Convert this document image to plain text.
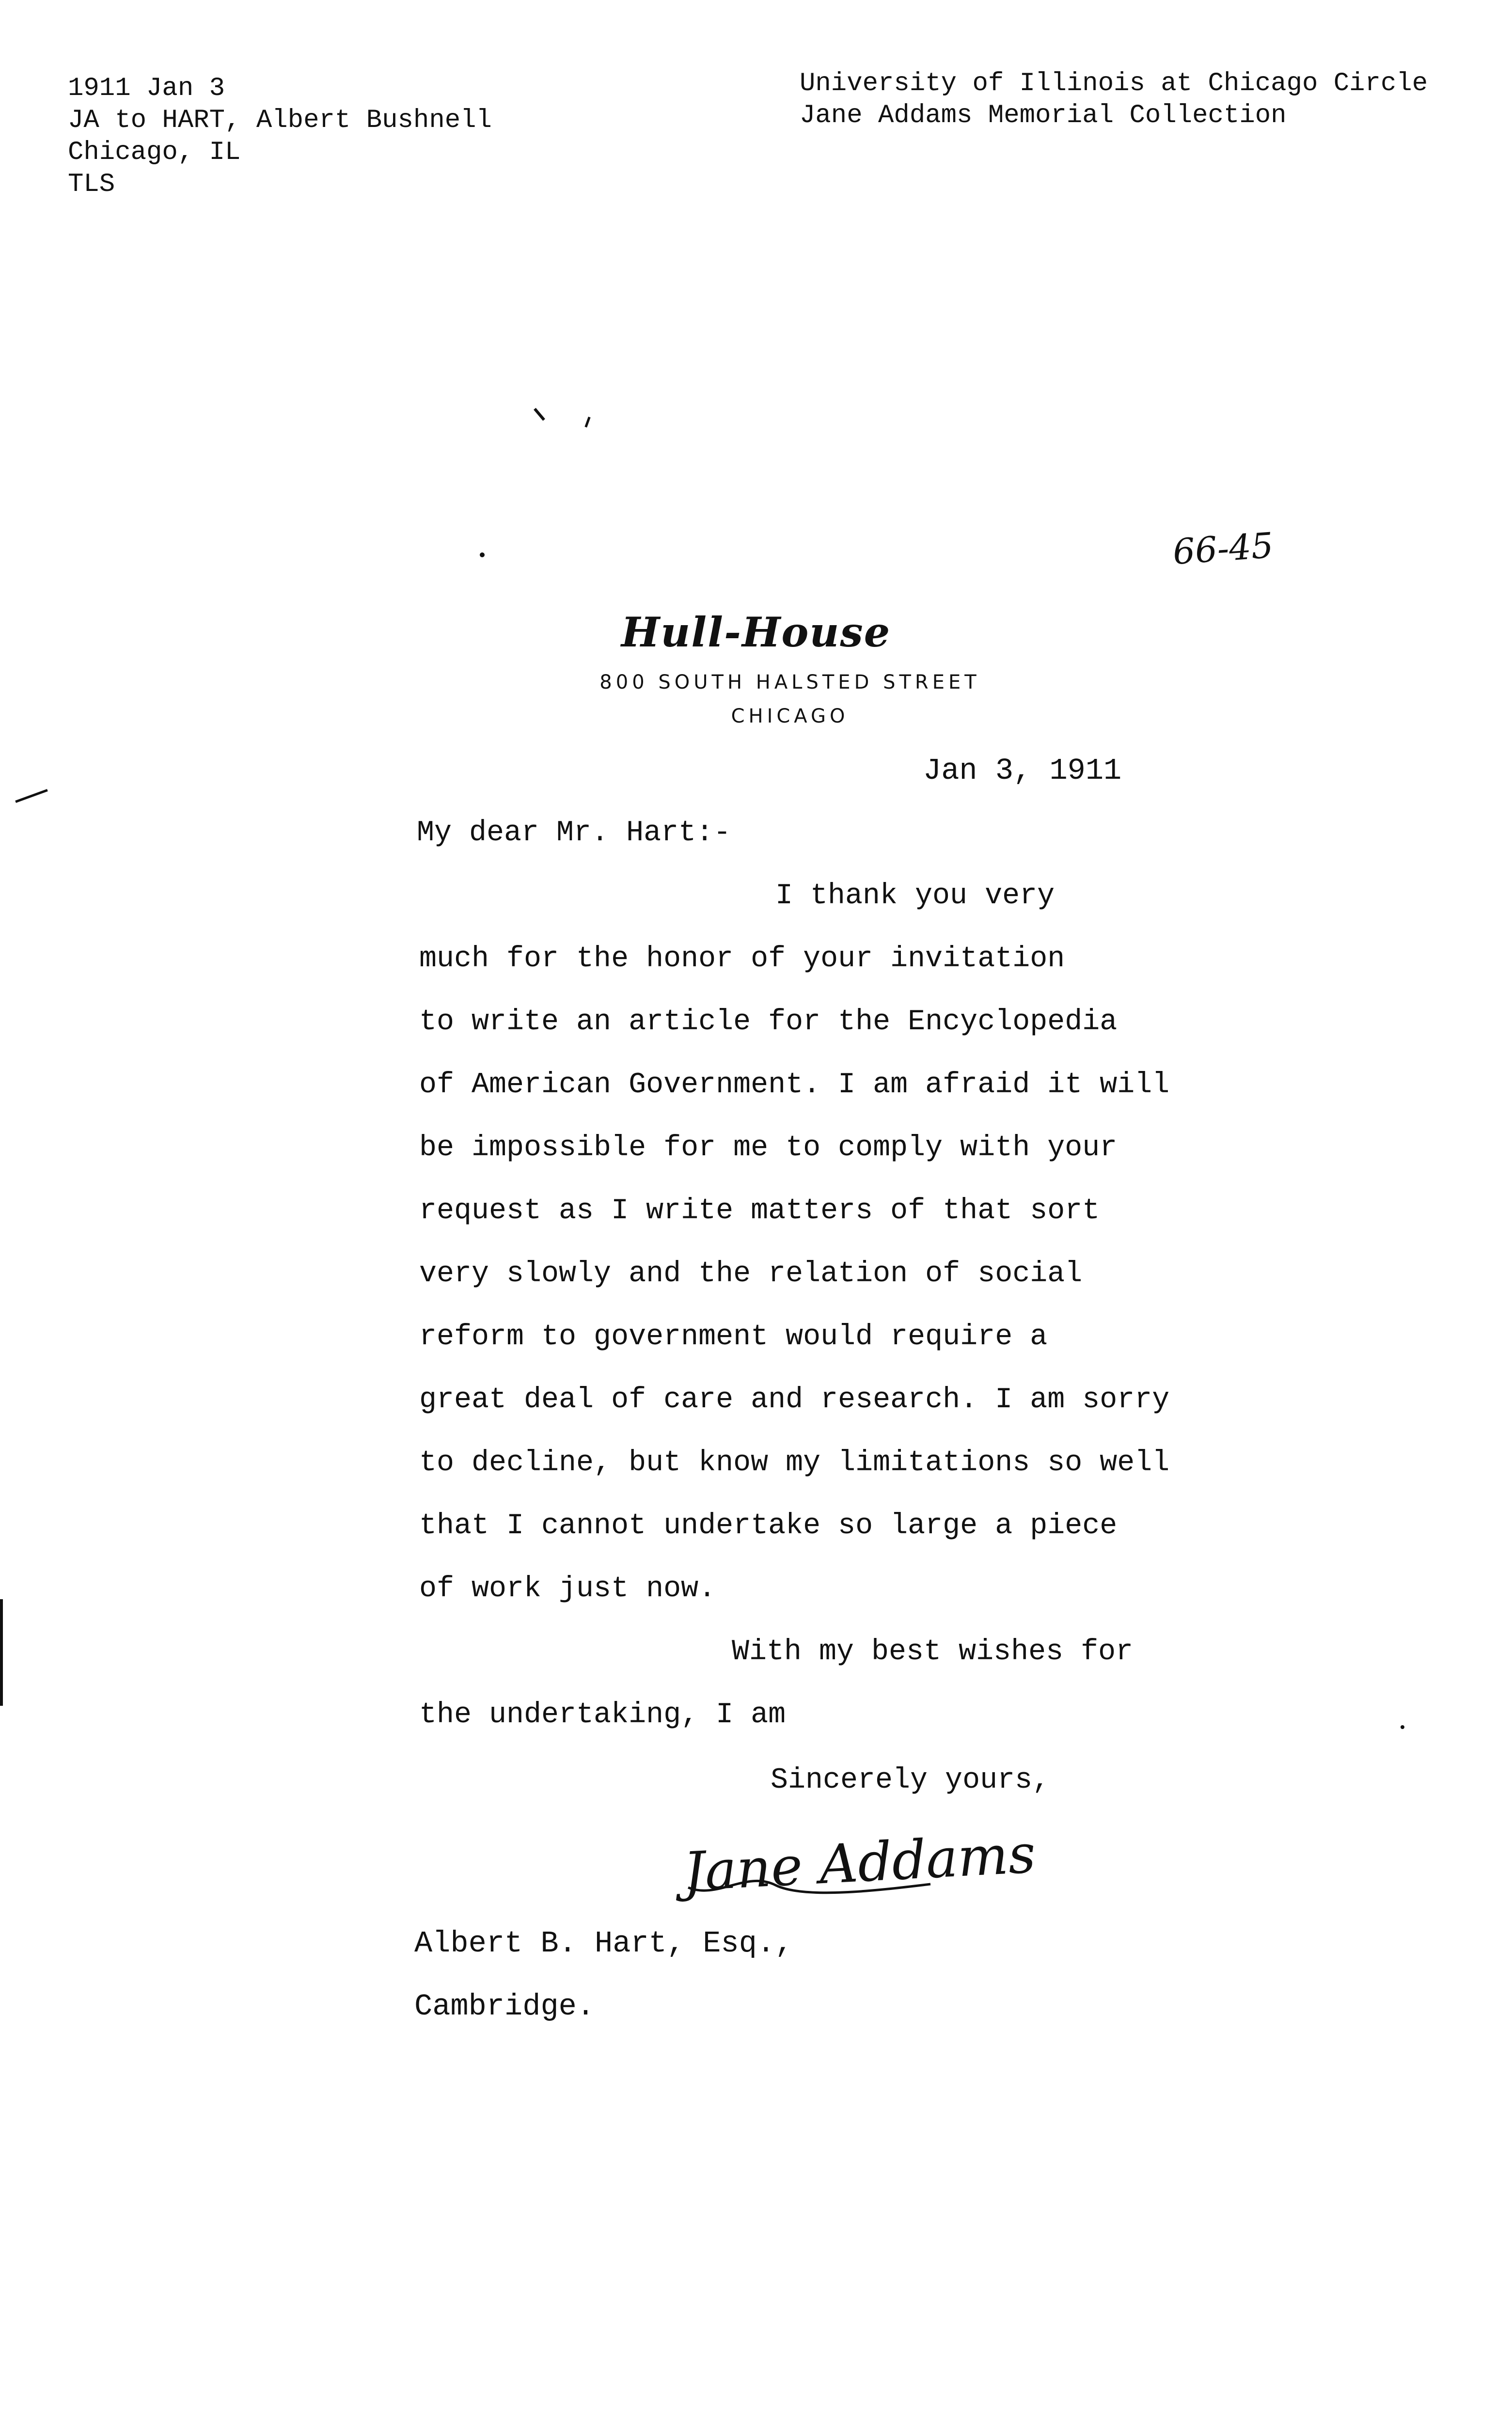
1911 Jan 3
JA to HART, Albert Bushnell
Chicago, IL
TLS
University of Illinois at Chicago Circle
Jane Addams Memorial Collection
66-45
Hull-House
800 SOUTH HALSTED STREET
CHICAGO
Jan 3, 1911
My dear Mr. Hart:-
I thank you very
much for the honor of your invitation
to write an article for the Encyclopedia
of American Government. I am afraid it will
be impossible for me to comply with your
request as I write matters of that sort
very slowly and the relation of social
reform to government would require a
great deal of care and research. I am sorry
to decline, but know my limitations so well
that I cannot undertake so large a piece
of work just now.
With my best wishes for
the undertaking, I am
Sincerely yours,
Jane Addams
Albert B. Hart, Esq.,
Cambridge.
